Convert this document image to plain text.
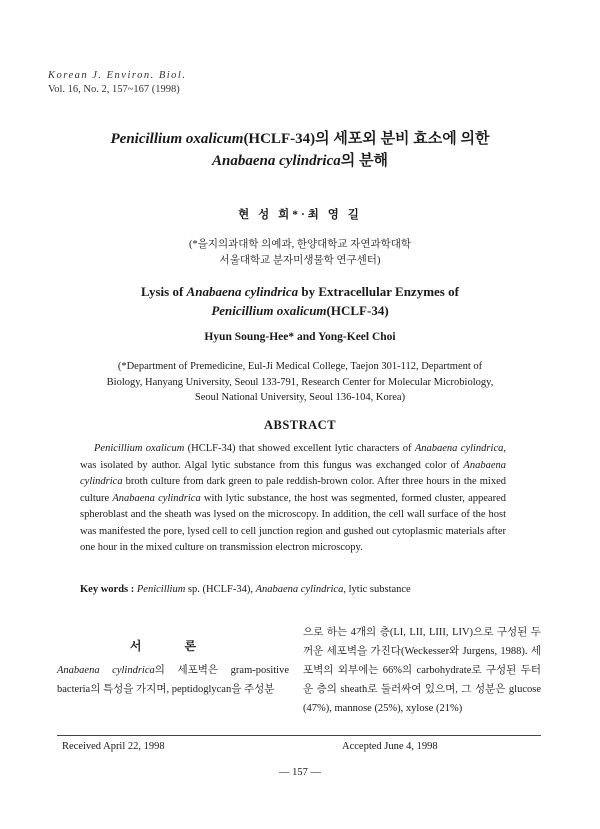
Korean J. Environ. Biol.
Vol. 16, No. 2, 157~167 (1998)
Penicillium oxalicum(HCLF-34)의 세포외 분비 효소에 의한
Anabaena cylindrica의 분해
현 성 희*·최 영 길
(*을지의과대학 의예과, 한양대학교 자연과학대학
서울대학교 분자미생물학 연구센터)
Lysis of Anabaena cylindrica by Extracellular Enzymes of
Penicillium oxalicum(HCLF-34)
Hyun Soung-Hee* and Yong-Keel Choi
(*Department of Premedicine, Eul-Ji Medical College, Taejon 301-112, Department of
Biology, Hanyang University, Seoul 133-791, Research Center for Molecular Microbiology,
Seoul National University, Seoul 136-104, Korea)
ABSTRACT
Penicillium oxalicum (HCLF-34) that showed excellent lytic characters of Anabaena cylindrica, was isolated by author. Algal lytic substance from this fungus was exchanged color of Anabaena cylindrica broth culture from dark green to pale reddish-brown color. After three hours in the mixed culture Anabaena cylindrica with lytic substance, the host was segmented, formed cluster, appeared spheroblast and the sheath was lysed on the microscopy. In addition, the cell wall surface of the host was manifested the pore, lysed cell to cell junction region and gushed out cytoplasmic materials after one hour in the mixed culture on transmission electron microscopy.
Key words : Penicillium sp. (HCLF-34), Anabaena cylindrica, lytic substance
서 론
Anabaena cylindrica의 세포벽은 gram-positive bacteria의 특성을 가지며, peptidoglycan을 주성분
으로 하는 4개의 층(LI, LII, LIII, LIV)으로 구성된 두꺼운 세포벽을 가진다(Weckesser와 Jurgens, 1988). 세포벽의 외부에는 66%의 carbohydrate로 구성된 두터운 층의 sheath로 둘러싸여 있으며, 그 성분은 glucose (47%), mannose (25%), xylose (21%)
Received April 22, 1998	Accepted June 4, 1998
— 157 —
